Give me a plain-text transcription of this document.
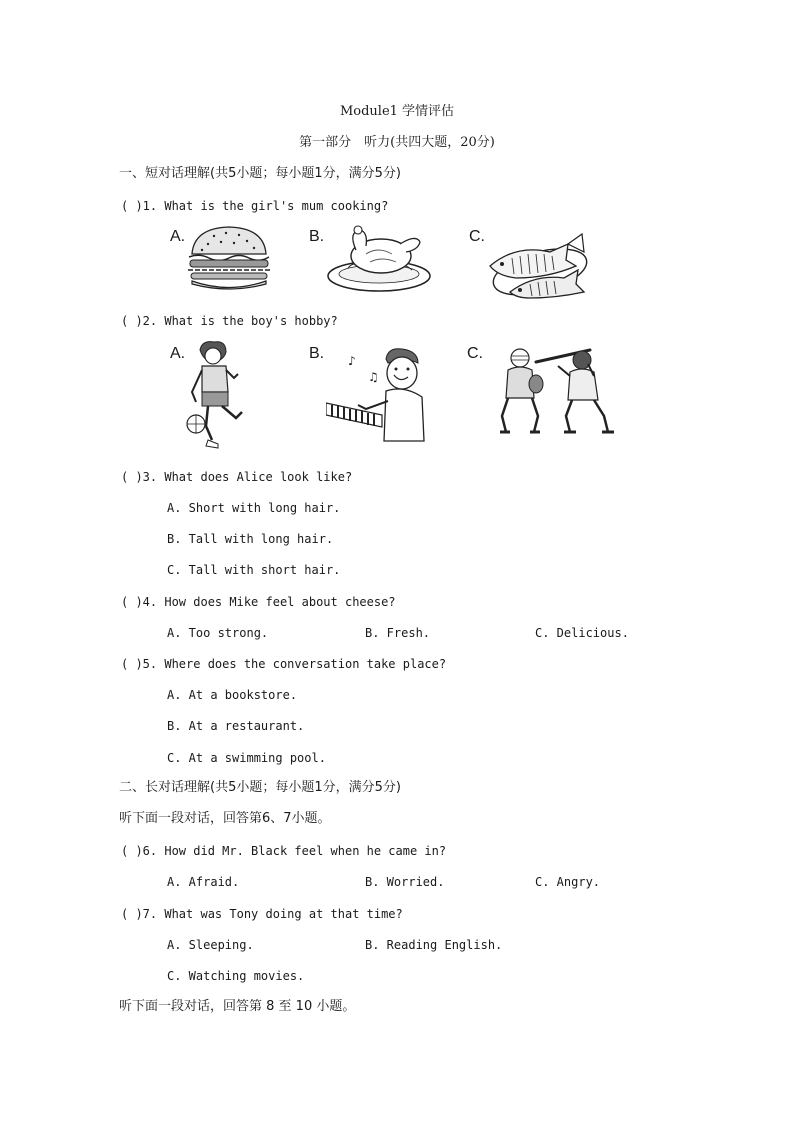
Module1 学情评估
第一部分　听力(共四大题，20分)
一、短对话理解(共5小题；每小题1分，满分5分)
( )1. What is the girl's mum cooking?
A.	B.	C.
( )2. What is the boy's hobby?
A.	B.	C.
♪
♫
( )3. What does Alice look like?
A. Short with long hair.
B. Tall with long hair.
C. Tall with short hair.
( )4. How does Mike feel about cheese?
A. Too strong.	B. Fresh.	C. Delicious.
( )5. Where does the conversation take place?
A. At a bookstore.
B. At a restaurant.
C. At a swimming pool.
二、长对话理解(共5小题；每小题1分，满分5分)
听下面一段对话，回答第6、7小题。
( )6. How did Mr. Black feel when he came in?
A. Afraid.	B. Worried.	C. Angry.
( )7. What was Tony doing at that time?
A. Sleeping.	B. Reading English.
C. Watching movies.
听下面一段对话，回答第 8 至 10 小题。
